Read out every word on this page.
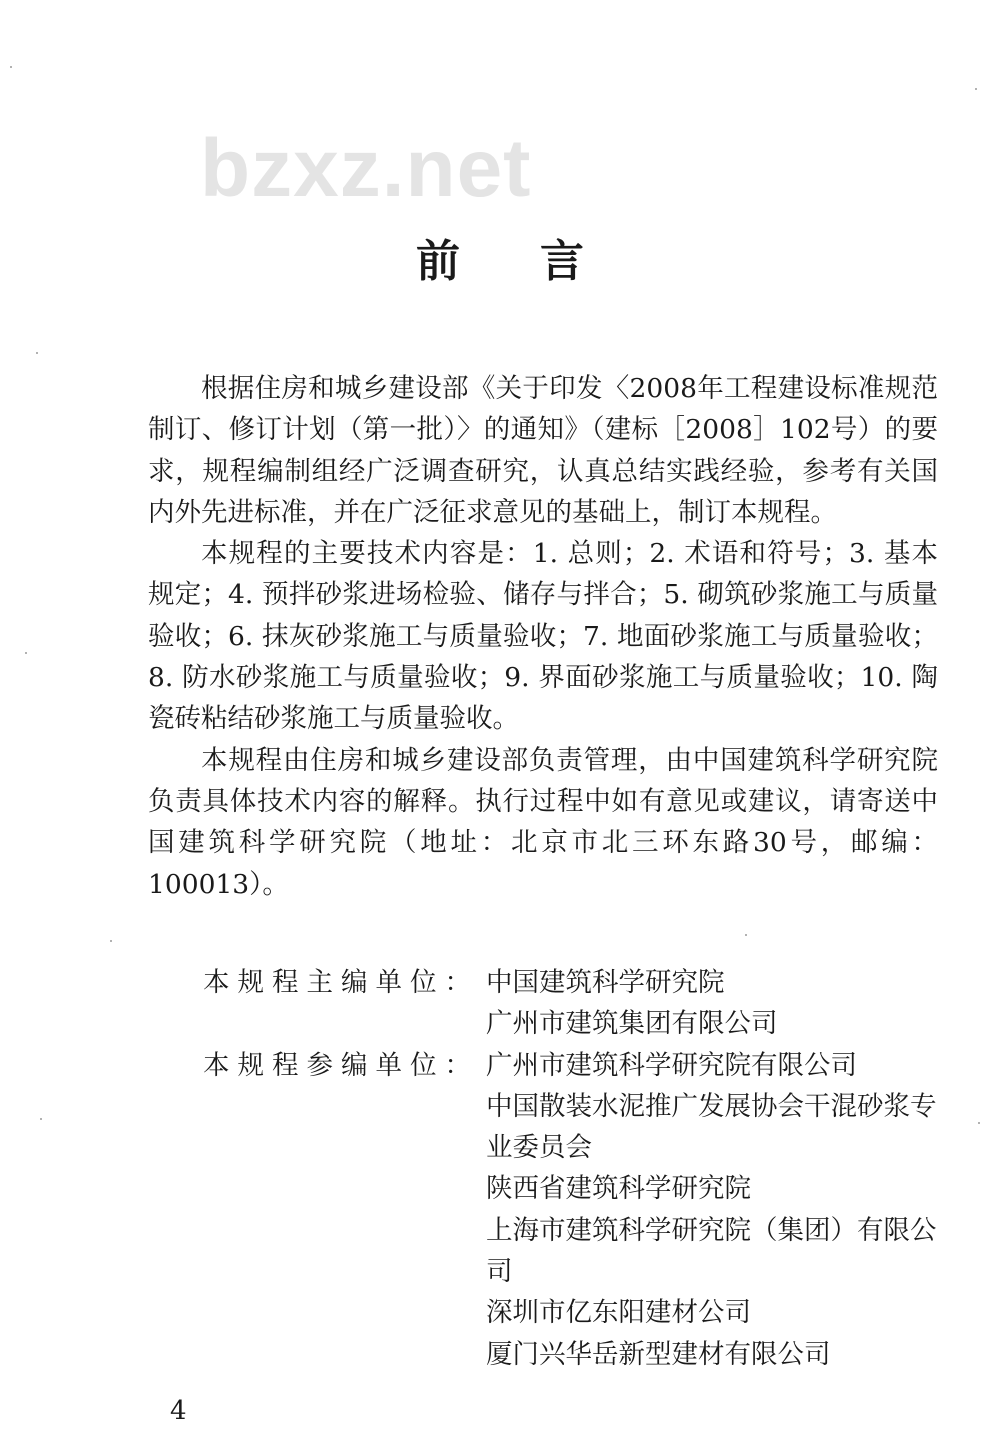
bzxz.net
前言

根据住房和城乡建设部《关于印发〈2008年工程建设标准规范制订、修订计划（第一批）〉的通知》（建标［2008］102号）的要求，规程编制组经广泛调查研究，认真总结实践经验，参考有关国内外先进标准，并在广泛征求意见的基础上，制订本规程。

本规程的主要技术内容是：1. 总则；2. 术语和符号；3. 基本规定；4. 预拌砂浆进场检验、储存与拌合；5. 砌筑砂浆施工与质量验收；6. 抹灰砂浆施工与质量验收；7. 地面砂浆施工与质量验收；8. 防水砂浆施工与质量验收；9. 界面砂浆施工与质量验收；10. 陶瓷砖粘结砂浆施工与质量验收。

本规程由住房和城乡建设部负责管理，由中国建筑科学研究院负责具体技术内容的解释。执行过程中如有意见或建议，请寄送中国建筑科学研究院（地址：北京市北三环东路30号，邮编：100013）。

本规程主编单位： 中国建筑科学研究院
广州市建筑集团有限公司
本规程参编单位： 广州市建筑科学研究院有限公司
中国散装水泥推广发展协会干混砂浆专业委员会
陕西省建筑科学研究院
上海市建筑科学研究院（集团）有限公司
深圳市亿东阳建材公司
厦门兴华岳新型建材有限公司
4
